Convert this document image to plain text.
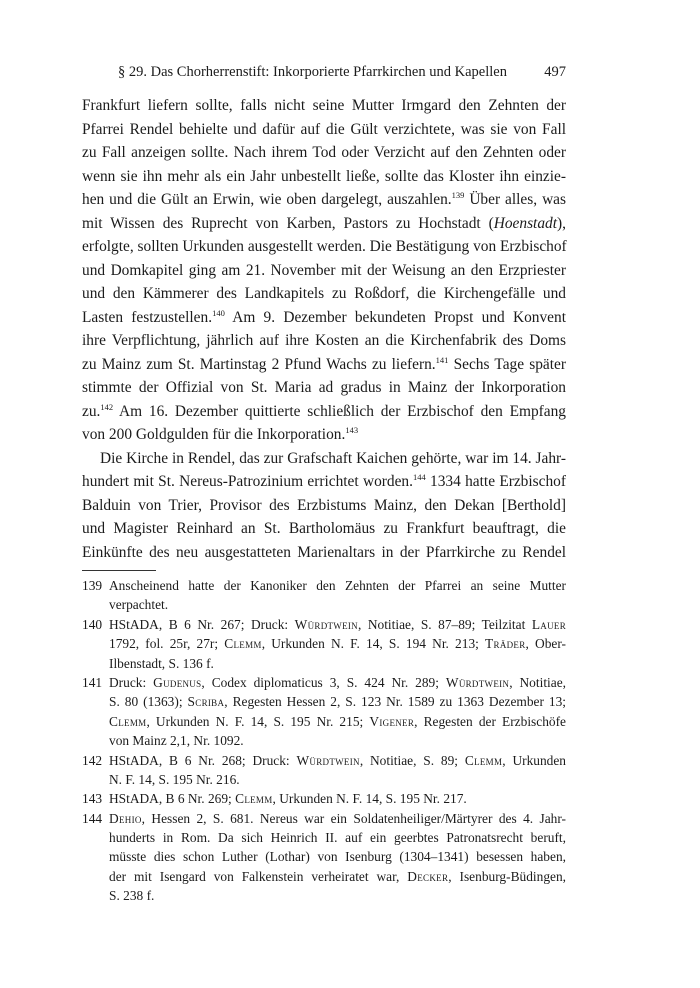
§ 29. Das Chorherrenstift: Inkorporierte Pfarrkirchen und Kapellen	497
Frankfurt liefern sollte, falls nicht seine Mutter Irmgard den Zehnten der
Pfarrei Rendel behielte und dafür auf die Gült verzichtete, was sie von Fall
zu Fall anzeigen sollte. Nach ihrem Tod oder Verzicht auf den Zehnten oder
wenn sie ihn mehr als ein Jahr unbestellt ließe, sollte das Kloster ihn einzie-
hen und die Gült an Erwin, wie oben dargelegt, auszahlen.$^{139}$ Über alles, was
mit Wissen des Ruprecht von Karben, Pastors zu Hochstadt (Hoenstadt),
erfolgte, sollten Urkunden ausgestellt werden. Die Bestätigung von Erzbischof
und Domkapitel ging am 21. November mit der Weisung an den Erzpriester
und den Kämmerer des Landkapitels zu Roßdorf, die Kirchengefälle und
Lasten festzustellen.$^{140}$ Am 9. Dezember bekundeten Propst und Konvent
ihre Verpflichtung, jährlich auf ihre Kosten an die Kirchenfabrik des Doms
zu Mainz zum St. Martinstag 2 Pfund Wachs zu liefern.$^{141}$ Sechs Tage später
stimmte der Offizial von St. Maria ad gradus in Mainz der Inkorporation
zu.$^{142}$ Am 16. Dezember quittierte schließlich der Erzbischof den Empfang
von 200 Goldgulden für die Inkorporation.$^{143}$
Die Kirche in Rendel, das zur Grafschaft Kaichen gehörte, war im 14. Jahr-
hundert mit St. Nereus-Patrozinium errichtet worden.$^{144}$ 1334 hatte Erzbischof
Balduin von Trier, Provisor des Erzbistums Mainz, den Dekan [Berthold]
und Magister Reinhard an St. Bartholomäus zu Frankfurt beauftragt, die
Einkünfte des neu ausgestatteten Marienaltars in der Pfarrkirche zu Rendel
139 Anscheinend hatte der Kanoniker den Zehnten der Pfarrei an seine Mutter
verpachtet.
140 HStADA, B 6 Nr. 267; Druck: Würdtwein, Notitiae, S. 87–89; Teilzitat Lauer
1792, fol. 25r, 27r; Clemm, Urkunden N. F. 14, S. 194 Nr. 213; Träder, Ober-
Ilbenstadt, S. 136 f.
141 Druck: Gudenus, Codex diplomaticus 3, S. 424 Nr. 289; Würdtwein, Notitiae,
S. 80 (1363); Scriba, Regesten Hessen 2, S. 123 Nr. 1589 zu 1363 Dezember 13;
Clemm, Urkunden N. F. 14, S. 195 Nr. 215; Vigener, Regesten der Erzbischöfe
von Mainz 2,1, Nr. 1092.
142 HStADA, B 6 Nr. 268; Druck: Würdtwein, Notitiae, S. 89; Clemm, Urkunden
N. F. 14, S. 195 Nr. 216.
143 HStADA, B 6 Nr. 269; Clemm, Urkunden N. F. 14, S. 195 Nr. 217.
144 Dehio, Hessen 2, S. 681. Nereus war ein Soldatenheiliger/Märtyrer des 4. Jahr-
hunderts in Rom. Da sich Heinrich II. auf ein geerbtes Patronatsrecht beruft,
müsste dies schon Luther (Lothar) von Isenburg (1304–1341) besessen haben,
der mit Isengard von Falkenstein verheiratet war, Decker, Isenburg-Büdingen,
S. 238 f.
